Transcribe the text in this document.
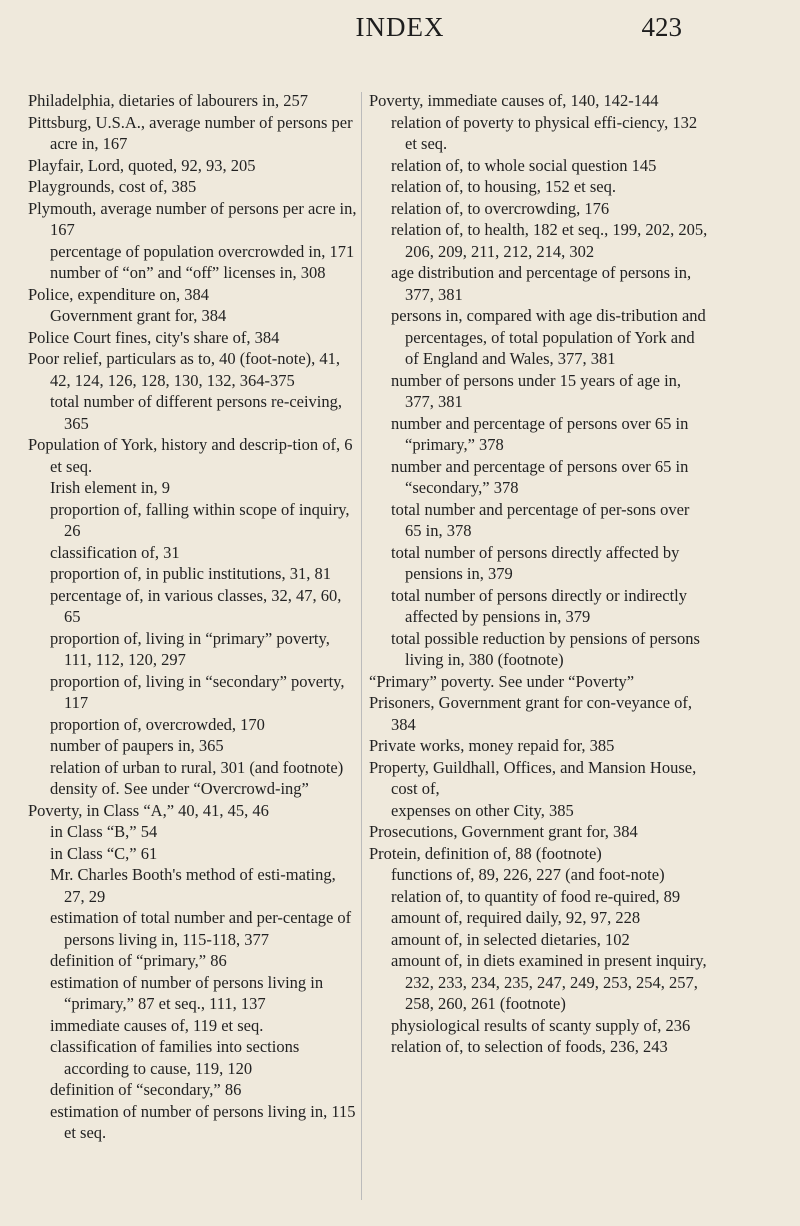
INDEX	423

Philadelphia, dietaries of labourers in, 257

Pittsburg, U.S.A., average number of persons per acre in, 167

Playfair, Lord, quoted, 92, 93, 205

Playgrounds, cost of, 385

Plymouth, average number of persons per acre in, 167

percentage of population overcrowded in, 171

number of “on” and “off” licenses in, 308

Police, expenditure on, 384

Government grant for, 384

Police Court fines, city's share of, 384

Poor relief, particulars as to, 40 (foot-note), 41, 42, 124, 126, 128, 130, 132, 364-375

total number of different persons re-ceiving, 365

Population of York, history and descrip-tion of, 6 et seq.

Irish element in, 9

proportion of, falling within scope of inquiry, 26

classification of, 31

proportion of, in public institutions, 31, 81

percentage of, in various classes, 32, 47, 60, 65

proportion of, living in “primary” poverty, 111, 112, 120, 297

proportion of, living in “secondary” poverty, 117

proportion of, overcrowded, 170

number of paupers in, 365

relation of urban to rural, 301 (and footnote)

density of. See under “Overcrowd-ing”

Poverty, in Class “A,” 40, 41, 45, 46

in Class “B,” 54

in Class “C,” 61

Mr. Charles Booth's method of esti-mating, 27, 29

estimation of total number and per-centage of persons living in, 115-118, 377

definition of “primary,” 86

estimation of number of persons living in “primary,” 87 et seq., 111, 137

immediate causes of, 119 et seq.

classification of families into sections according to cause, 119, 120

definition of “secondary,” 86

estimation of number of persons living in, 115 et seq.

Poverty, immediate causes of, 140, 142-144

relation of poverty to physical effi-ciency, 132 et seq.

relation of, to whole social question 145

relation of, to housing, 152 et seq.

relation of, to overcrowding, 176

relation of, to health, 182 et seq., 199, 202, 205, 206, 209, 211, 212, 214, 302

age distribution and percentage of persons in, 377, 381

persons in, compared with age dis-tribution and percentages, of total population of York and of England and Wales, 377, 381

number of persons under 15 years of age in, 377, 381

number and percentage of persons over 65 in “primary,” 378

number and percentage of persons over 65 in “secondary,” 378

total number and percentage of per-sons over 65 in, 378

total number of persons directly affected by pensions in, 379

total number of persons directly or indirectly affected by pensions in, 379

total possible reduction by pensions of persons living in, 380 (footnote)

“Primary” poverty. See under “Poverty”

Prisoners, Government grant for con-veyance of, 384

Private works, money repaid for, 385

Property, Guildhall, Offices, and Mansion House, cost of,

expenses on other City, 385

Prosecutions, Government grant for, 384

Protein, definition of, 88 (footnote)

functions of, 89, 226, 227 (and foot-note)

relation of, to quantity of food re-quired, 89

amount of, required daily, 92, 97, 228

amount of, in selected dietaries, 102

amount of, in diets examined in present inquiry, 232, 233, 234, 235, 247, 249, 253, 254, 257, 258, 260, 261 (footnote)

physiological results of scanty supply of, 236

relation of, to selection of foods, 236, 243
